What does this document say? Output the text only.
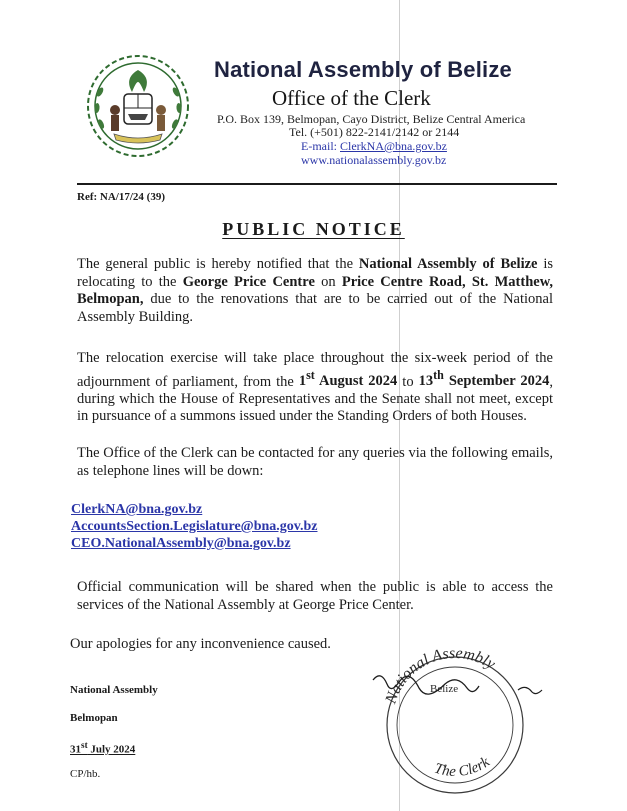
National Assembly of Belize
Office of the Clerk
P.O. Box 139, Belmopan, Cayo District, Belize Central America
Tel. (+501) 822-2141/2142 or 2144
E-mail: ClerkNA@bna.gov.bz
www.nationalassembly.gov.bz
Ref: NA/17/24 (39)
PUBLIC NOTICE
The general public is hereby notified that the National Assembly of Belize is relocating to the George Price Centre on Price Centre Road, St. Matthew, Belmopan, due to the renovations that are to be carried out of the National Assembly Building.
The relocation exercise will take place throughout the six-week period of the adjournment of parliament, from the 1st August 2024 to 13th September 2024, during which the House of Representatives and the Senate shall not meet, except in pursuance of a summons issued under the Standing Orders of both Houses.
The Office of the Clerk can be contacted for any queries via the following emails, as telephone lines will be down:
ClerkNA@bna.gov.bz
AccountsSection.Legislature@bna.gov.bz
CEO.NationalAssembly@bna.gov.bz
Official communication will be shared when the public is able to access the services of the National Assembly at George Price Center.
Our apologies for any inconvenience caused.
National Assembly
Belmopan
31st July 2024
CP/hb.
National Assembly
The Clerk
Belize
